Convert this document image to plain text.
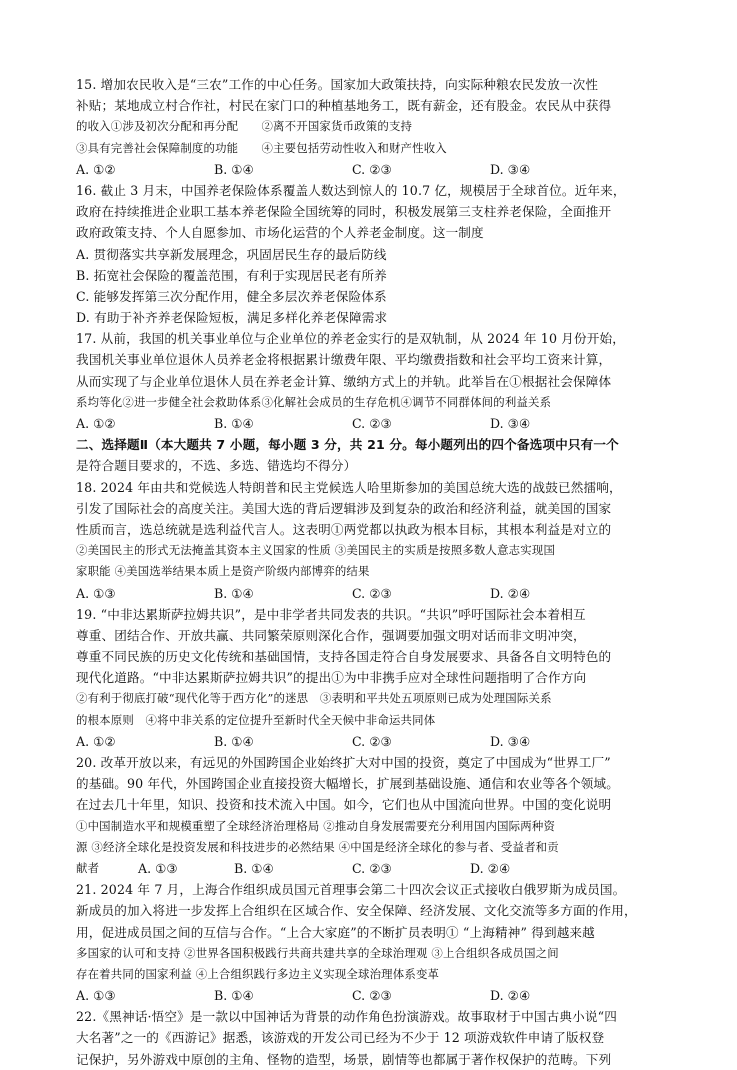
15. 增加农民收入是“三农”工作的中心任务。国家加大政策扶持，向实际种粮农民发放一次性
补贴；某地成立村合作社，村民在家门口的种植基地务工，既有薪金，还有股金。农民从中获得
的收入①涉及初次分配和再分配　　②离不开国家货币政策的支持
③具有完善社会保障制度的功能　　④主要包括劳动性收入和财产性收入
A. ①②	B. ①④	C. ②③	D. ③④
16. 截止 3 月末，中国养老保险体系覆盖人数达到惊人的 10.7 亿，规模居于全球首位。近年来，
政府在持续推进企业职工基本养老保险全国统筹的同时，积极发展第三支柱养老保险，全面推开
政府政策支持、个人自愿参加、市场化运营的个人养老金制度。这一制度
A. 贯彻落实共享新发展理念，巩固居民生存的最后防线
B. 拓宽社会保险的覆盖范围，有利于实现居民老有所养
C. 能够发挥第三次分配作用，健全多层次养老保险体系
D. 有助于补齐养老保险短板，满足多样化养老保障需求
17. 从前，我国的机关事业单位与企业单位的养老金实行的是双轨制，从 2024 年 10 月份开始，
我国机关事业单位退休人员养老金将根据累计缴费年限、平均缴费指数和社会平均工资来计算，
从而实现了与企业单位退休人员在养老金计算、缴纳方式上的并轨。此举旨在①根据社会保障体
系均等化②进一步健全社会救助体系③化解社会成员的生存危机④调节不同群体间的利益关系
A. ①②	B. ①④	C. ②③	D. ③④
二、选择题Ⅱ（本大题共 7 小题，每小题 3 分，共 21 分。每小题列出的四个备选项中只有一个
是符合题目要求的，不选、多选、错选均不得分）
18. 2024 年由共和党候选人特朗普和民主党候选人哈里斯参加的美国总统大选的战鼓已然擂响，
引发了国际社会的高度关注。美国大选的背后逻辑涉及到复杂的政治和经济利益，就美国的国家
性质而言，选总统就是选利益代言人。这表明①两党都以执政为根本目标，其根本利益是对立的
②美国民主的形式无法掩盖其资本主义国家的性质 ③美国民主的实质是按照多数人意志实现国
家职能 ④美国选举结果本质上是资产阶级内部博弈的结果
A. ①③	B. ①④	C. ②③	D. ②④
19. “中非达累斯萨拉姆共识”，是中非学者共同发表的共识。“共识”呼吁国际社会本着相互
尊重、团结合作、开放共赢、共同繁荣原则深化合作，强调要加强文明对话而非文明冲突，
尊重不同民族的历史文化传统和基础国情，支持各国走符合自身发展要求、具备各自文明特色的
现代化道路。“中非达累斯萨拉姆共识”的提出①为中非携手应对全球性问题指明了合作方向
②有利于彻底打破“现代化等于西方化”的迷思　③表明和平共处五项原则已成为处理国际关系
的根本原则　④将中非关系的定位提升至新时代全天候中非命运共同体
A. ①②	B. ①④	C. ②③	D. ③④
20. 改革开放以来，有远见的外国跨国企业始终扩大对中国的投资，奠定了中国成为“世界工厂”
的基础。90 年代，外国跨国企业直接投资大幅增长，扩展到基础设施、通信和农业等各个领域。
在过去几十年里，知识、投资和技术流入中国。如今，它们也从中国流向世界。中国的变化说明
①中国制造水平和规模重塑了全球经济治理格局 ②推动自身发展需要充分利用国内国际两种资
源 ③经济全球化是投资发展和科技进步的必然结果 ④中国是经济全球化的参与者、受益者和贡
献者	A. ①③	B. ①④	C. ②③	D. ②④
21. 2024 年 7 月，上海合作组织成员国元首理事会第二十四次会议正式接收白俄罗斯为成员国。
新成员的加入将进一步发挥上合组织在区域合作、安全保障、经济发展、文化交流等多方面的作用，
用，促进成员国之间的互信与合作。“上合大家庭”的不断扩员表明① “上海精神” 得到越来越
多国家的认可和支持 ②世界各国积极践行共商共建共享的全球治理观 ③上合组织各成员国之间
存在着共同的国家利益 ④上合组织践行多边主义实现全球治理体系变革
A. ①③	B. ①④	C. ②③	D. ②④
22.《黑神话·悟空》是一款以中国神话为背景的动作角色扮演游戏。故事取材于中国古典小说“四
大名著”之一的《西游记》据悉，该游戏的开发公司已经为不少于 12 项游戏软件申请了版权登
记保护，另外游戏中原创的主角、怪物的造型，场景，剧情等也都属于著作权保护的范畴。下列
